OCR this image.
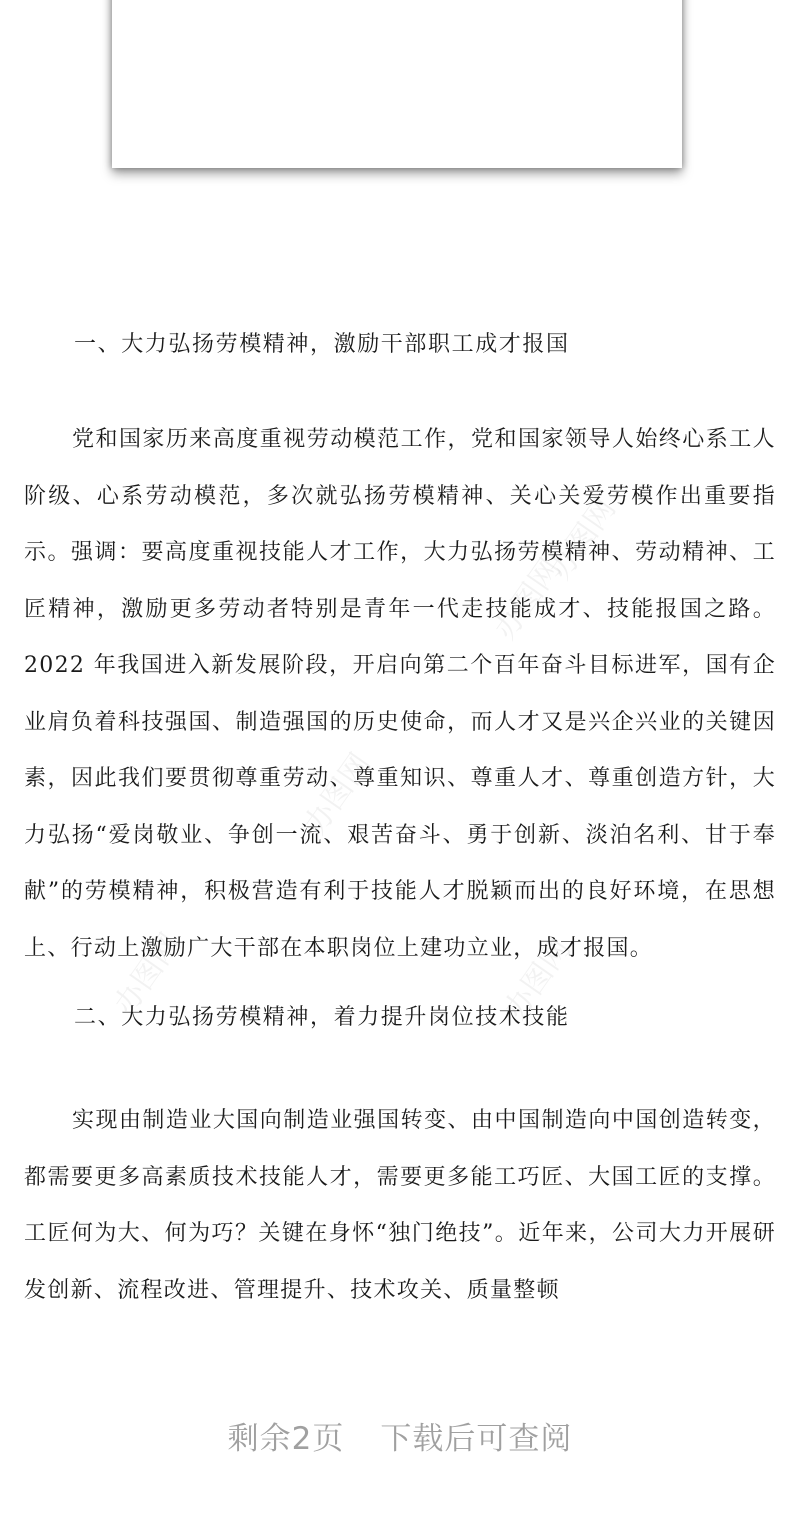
办图网
办图网
办图网
办图网	办图网

一、大力弘扬劳模精神，激励干部职工成才报国

党和国家历来高度重视劳动模范工作，党和国家领导人始终心系工人阶级、心系劳动模范，多次就弘扬劳模精神、关心关爱劳模作出重要指示。强调：要高度重视技能人才工作，大力弘扬劳模精神、劳动精神、工匠精神，激励更多劳动者特别是青年一代走技能成才、技能报国之路。2022 年我国进入新发展阶段，开启向第二个百年奋斗目标进军，国有企业肩负着科技强国、制造强国的历史使命，而人才又是兴企兴业的关键因素，因此我们要贯彻尊重劳动、尊重知识、尊重人才、尊重创造方针，大力弘扬“爱岗敬业、争创一流、艰苦奋斗、勇于创新、淡泊名利、甘于奉献”的劳模精神，积极营造有利于技能人才脱颖而出的良好环境，在思想上、行动上激励广大干部在本职岗位上建功立业，成才报国。

二、大力弘扬劳模精神，着力提升岗位技术技能

实现由制造业大国向制造业强国转变、由中国制造向中国创造转变，都需要更多高素质技术技能人才，需要更多能工巧匠、大国工匠的支撑。工匠何为大、何为巧？关键在身怀“独门绝技”。近年来，公司大力开展研发创新、流程改进、管理提升、技术攻关、质量整顿

剩余2页 下载后可查阅
